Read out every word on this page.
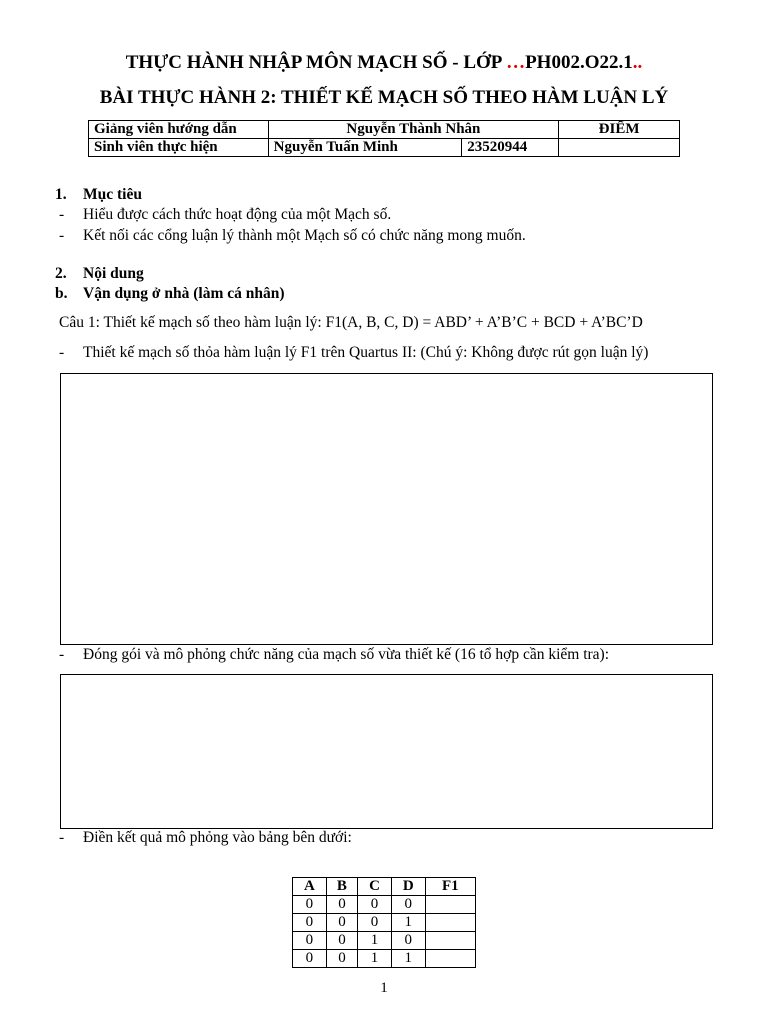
THỰC HÀNH NHẬP MÔN MẠCH SỐ - LỚP …PH002.O22.1..
BÀI THỰC HÀNH 2: THIẾT KẾ MẠCH SỐ THEO HÀM LUẬN LÝ
Giảng viên hướng dẫn	Nguyễn Thành Nhân		ĐIỂM
Sinh viên thực hiện	Nguyễn Tuấn Minh	23520944	
1. Mục tiêu
- Hiểu được cách thức hoạt động của một Mạch số.
- Kết nối các cổng luận lý thành một Mạch số có chức năng mong muốn.
2. Nội dung
b. Vận dụng ở nhà (làm cá nhân)
Câu 1: Thiết kế mạch số theo hàm luận lý: F1(A, B, C, D) = ABD’ + A’B’C + BCD + A’BC’D
- Thiết kế mạch số thỏa hàm luận lý F1 trên Quartus II: (Chú ý: Không được rút gọn luận lý)
- Đóng gói và mô phỏng chức năng của mạch số vừa thiết kế (16 tổ hợp cần kiểm tra):
- Điền kết quả mô phỏng vào bảng bên dưới:
A	B	C	D	F1
0	0	0	0	
0	0	0	1	
0	0	1	0	
0	0	1	1	
1
